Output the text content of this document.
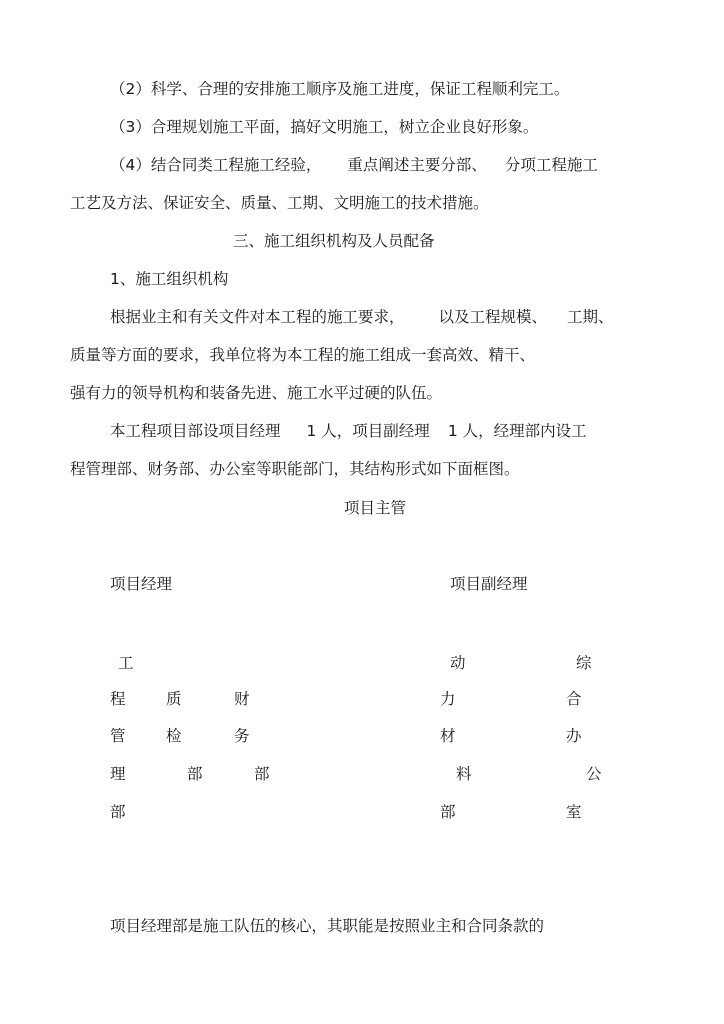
（2）科学、合理的安排施工顺序及施工进度，保证工程顺利完工。
（3）合理规划施工平面，搞好文明施工，树立企业良好形象。
（4）结合同类工程施工经验， 重点阐述主要分部、 分项工程施工
工艺及方法、保证安全、质量、工期、文明施工的技术措施。
三、施工组织机构及人员配备
1、施工组织机构
根据业主和有关文件对本工程的施工要求， 以及工程规模、 工期、
质量等方面的要求，我单位将为本工程的施工组成一套高效、精干、
强有力的领导机构和装备先进、施工水平过硬的队伍。
本工程项目部设项目经理 1 人，项目副经理 1 人，经理部内设工
程管理部、财务部、办公室等职能部门，其结构形式如下面框图。
项目主管
项目经理	项目副经理
工
程
管
理
部
质
检
部
财
务
部
动
力
材
料
部
综
合
办
公
室
项目经理部是施工队伍的核心，其职能是按照业主和合同条款的
